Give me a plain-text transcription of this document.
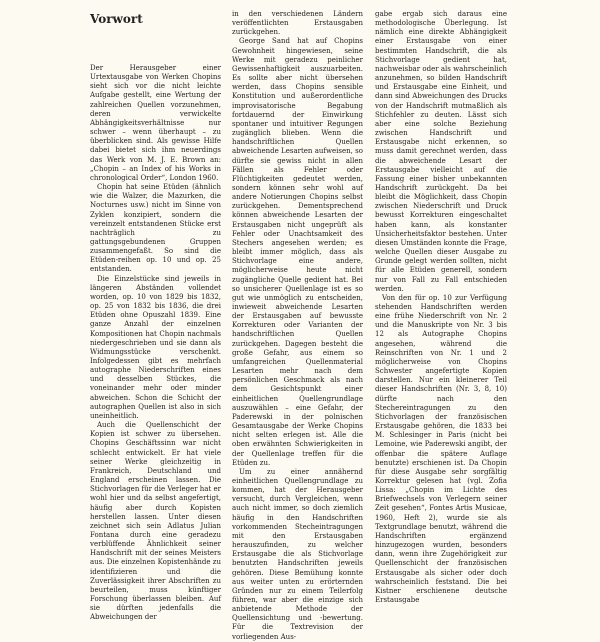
Vorwort

Der Herausgeber einer Urtextausgabe von Werken Chopins sieht sich vor die nicht leichte Aufgabe gestellt, eine Wertung der zahlreichen Quellen vorzunehmen, deren verwickelte Abhängigkeitsverhältnisse nur schwer – wenn überhaupt – zu überblicken sind. Als gewisse Hilfe dabei bietet sich ihm neuerdings das Werk von M. J. E. Brown an: „Chopin – an Index of his Works in chronological Order“, London 1960.

Chopin hat seine Etüden (ähnlich wie die Walzer, die Mazurken, die Nocturnes usw.) nicht im Sinne von Zyklen konzipiert, sondern die vereinzelt entstandenen Stücke erst nachträglich zu gattungsgebundenen Gruppen zusammengefaßt. So sind die Etüden-reihen op. 10 und op. 25 entstanden.

Die Einzelstücke sind jeweils in längeren Abständen vollendet worden, op. 10 von 1829 bis 1832, op. 25 von 1832 bis 1836, die drei Etüden ohne Opuszahl 1839. Eine ganze Anzahl der einzelnen Kompositionen hat Chopin nachmals niedergeschrieben und sie dann als Widmungsstücke verschenkt. Infolgedessen gibt es mehrfach autographe Niederschriften eines und desselben Stückes, die voneinander mehr oder minder abweichen. Schon die Schicht der autographen Quellen ist also in sich uneinheitlich.

Auch die Quellenschicht der Kopien ist schwer zu übersehen. Chopins Geschäftssinn war nicht schlecht entwickelt. Er hat viele seiner Werke gleichzeitig in Frankreich, Deutschland und England erscheinen lassen. Die Stichvorlagen für die Verleger hat er wohl hier und da selbst angefertigt, häufig aber durch Kopisten herstellen lassen. Unter diesen zeichnet sich sein Adlatus Julian Fontana durch eine geradezu verblüffende Ähnlichkeit seiner Handschrift mit der seines Meisters aus. Die einzelnen Kopistenhände zu identifizieren und die Zuverlässigkeit ihrer Abschriften zu beurteilen, muss künftiger Forschung überlassen bleiben. Auf sie dürften jedenfalls die Abweichungen der

in den verschiedenen Ländern veröffentlichten Erstausgaben zurückgehen.

George Sand hat auf Chopins Gewohnheit hingewiesen, seine Werke mit geradezu peinlicher Gewissenhaftigkeit auszuarbeiten. Es sollte aber nicht übersehen werden, dass Chopins sensible Konstitution und außerordentliche improvisatorische Begabung fortdauernd der Einwirkung spontaner und intuitiver Regungen zugänglich blieben. Wenn die handschriftlichen Quellen abweichende Lesarten aufweisen, so dürfte sie gewiss nicht in allen Fällen als Fehler oder Flüchtigkeiten gedeutet werden, sondern können sehr wohl auf andere Notierungen Chopins selbst zurückgehen. Dementsprechend können abweichende Lesarten der Erstausgaben nicht ungeprüft als Fehler oder Unachtsamkeit des Stechers angesehen werden; es bleibt immer möglich, dass als Stichvorlage eine andere, möglicherweise heute nicht zugängliche Quelle gedient hat. Bei so unsicherer Quellenlage ist es so gut wie unmöglich zu entscheiden, inwieweit abweichende Lesarten der Erstausgaben auf bewusste Korrekturen oder Varianten der handschriftlichen Quellen zurückgehen. Dagegen besteht die große Gefahr, aus einem so umfangreichen Quellenmaterial Lesarten mehr nach dem persönlichen Geschmack als nach dem Gesichtspunkt einer einheitlichen Quellengrundlage auszuwählen – eine Gefahr, der Paderewski in der polnischen Gesamtausgabe der Werke Chopins nicht selten erlegen ist. Alle die oben erwähnten Schwierigkeiten in der Quellenlage treffen für die Etüden zu.

Um zu einer annähernd einheitlichen Quellengrundlage zu kommen, hat der Herausgeber versucht, durch Vergleichen, wenn auch nicht immer, so doch ziemlich häufig in den Handschriften vorkommenden Stecheintragungen mit den Erstausgaben herauszufinden, zu welcher Erstausgabe die als Stichvorlage benutzten Handschriften jeweils gehören. Diese Bemühung konnte aus weiter unten zu erörternden Gründen nur zu einem Teilerfolg führen, war aber die einzige sich anbietende Methode der Quellensichtung und -bewertung. Für die Textrevision der vorliegenden Aus-

gabe ergab sich daraus eine methodologische Überlegung. Ist nämlich eine direkte Abhängigkeit einer Erstausgabe von einer bestimmten Handschrift, die als Stichvorlage gedient hat, nachweisbar oder als wahrscheinlich anzunehmen, so bilden Handschrift und Erstausgabe eine Einheit, und dann sind Abweichungen des Drucks von der Handschrift mutmaßlich als Stichfehler zu deuten. Lässt sich aber eine solche Beziehung zwischen Handschrift und Erstausgabe nicht erkennen, so muss damit gerechnet werden, dass die abweichende Lesart der Erstausgabe vielleicht auf die Fassung einer bisher unbekannten Handschrift zurückgeht. Da bei bleibt die Möglichkeit, dass Chopin zwischen Niederschrift und Druck bewusst Korrekturen eingeschaltet haben kann, als konstanter Unsicherheitsfaktor bestehen. Unter diesen Umständen konnte die Frage, welche Quellen dieser Ausgabe zu Grunde gelegt werden sollten, nicht für alle Etüden generell, sondern nur von Fall zu Fall entschieden werden.

Von den für op. 10 zur Verfügung stehenden Handschriften werden eine frühe Niederschrift von Nr. 2 und die Manuskripte von Nr. 3 bis 12 als Autographe Chopins angesehen, während die Reinschriften von Nr. 1 und 2 möglicherweise von Chopins Schwester angefertigte Kopien darstellen. Nur ein kleinerer Teil dieser Handschriften (Nr. 3, 8, 10) dürfte nach den Stechereintragungen zu den Stichvorlagen der französischen Erstausgabe gehören, die 1833 bei M. Schlesinger in Paris (nicht bei Lemoine, wie Paderewski angibt, der offenbar die spätere Auflage benutzte) erschienen ist. Da Chopin für diese Ausgabe sehr sorgfältig Korrektur gelesen hat (vgl. Zofia Lissa: „Chopin im Lichte des Briefwechsels von Verlegern seiner Zeit gesehen“, Fontes Artis Musicae, 1960, Heft 2), wurde sie als Textgrundlage benutzt, während die Handschriften ergänzend hinzugezogen wurden, besonders dann, wenn ihre Zugehörigkeit zur Quellenschicht der französischen Erstausgabe als sicher oder doch wahrscheinlich feststand. Die bei Kistner erschienene deutsche Erstausgabe
